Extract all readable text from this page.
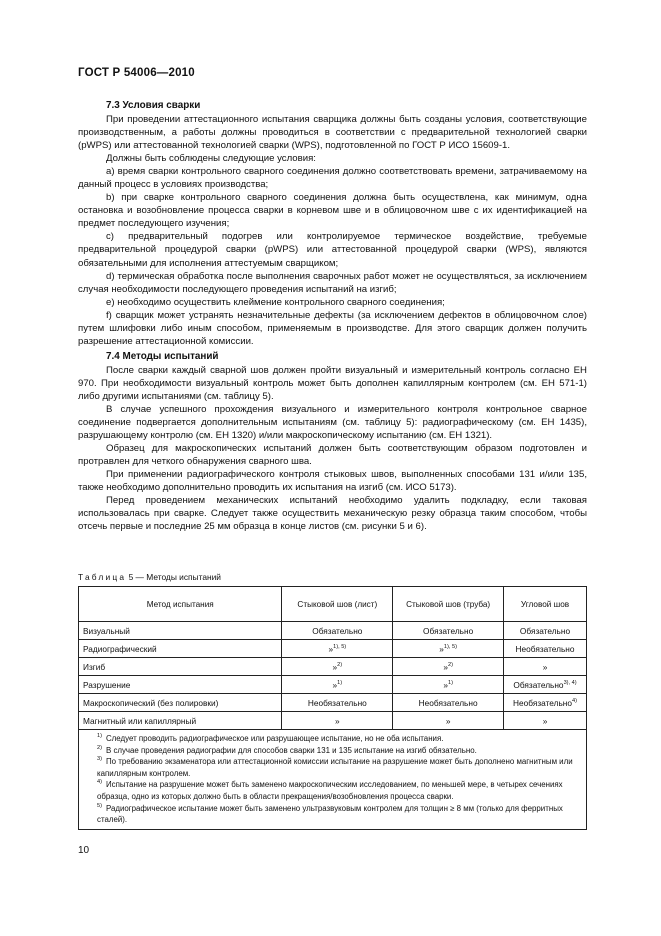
ГОСТ Р 54006—2010
7.3 Условия сварки

При проведении аттестационного испытания сварщика должны быть созданы условия, соответствующие производственным, а работы должны проводиться в соответствии с предварительной технологией сварки (pWPS) или аттестованной технологией сварки (WPS), подготовленной по ГОСТ Р ИСО 15609-1.

Должны быть соблюдены следующие условия:

а) время сварки контрольного сварного соединения должно соответствовать времени, затрачиваемому на данный процесс в условиях производства;

b) при сварке контрольного сварного соединения должна быть осуществлена, как минимум, одна остановка и возобновление процесса сварки в корневом шве и в облицовочном шве с их идентификацией на предмет последующего изучения;

с) предварительный подогрев или контролируемое термическое воздействие, требуемые предварительной процедурой сварки (pWPS) или аттестованной процедурой сварки (WPS), являются обязательными для исполнения аттестуемым сварщиком;

d) термическая обработка после выполнения сварочных работ может не осуществляться, за исключением случая необходимости последующего проведения испытаний на изгиб;

е) необходимо осуществить клеймение контрольного сварного соединения;

f) сварщик может устранять незначительные дефекты (за исключением дефектов в облицовочном слое) путем шлифовки либо иным способом, применяемым в производстве. Для этого сварщик должен получить разрешение аттестационной комиссии.

7.4 Методы испытаний

После сварки каждый сварной шов должен пройти визуальный и измерительный контроль согласно ЕН 970. При необходимости визуальный контроль может быть дополнен капиллярным контролем (см. ЕН 571-1) либо другими испытаниями (см. таблицу 5).

В случае успешного прохождения визуального и измерительного контроля контрольное сварное соединение подвергается дополнительным испытаниям (см. таблицу 5): радиографическому (см. ЕН 1435), разрушающему контролю (см. ЕН 1320) и/или макроскопическому испытанию (см. ЕН 1321).

Образец для макроскопических испытаний должен быть соответствующим образом подготовлен и протравлен для четкого обнаружения сварного шва.

При применении радиографического контроля стыковых швов, выполненных способами 131 и/или 135, также необходимо дополнительно проводить их испытания на изгиб (см. ИСО 5173).

Перед проведением механических испытаний необходимо удалить подкладку, если таковая использовалась при сварке. Следует также осуществить механическую резку образца таким способом, чтобы отсечь первые и последние 25 мм образца в конце листов (см. рисунки 5 и 6).

Таблица 5 — Методы испытаний
Метод испытания	Стыковой шов (лист)	Стыковой шов (труба)	Угловой шов
Визуальный	Обязательно	Обязательно	Обязательно
Радиографический	»$^{1), 5)}$	»$^{1), 5)}$	Необязательно
Изгиб	»$^{2)}$	»$^{2)}$	»
Разрушение	»$^{1)}$	»$^{1)}$	Обязательно$^{3), 4)}$
Макроскопический (без полировки)	Необязательно	Необязательно	Необязательно$^{4)}$
Магнитный или капиллярный	»	»	»

$^{1)}$ Следует проводить радиографическое или разрушающее испытание, но не оба испытания.
$^{2)}$ В случае проведения радиографии для способов сварки 131 и 135 испытание на изгиб обязательно.
$^{3)}$ По требованию экзаменатора или аттестационной комиссии испытание на разрушение может быть дополнено магнитным или капиллярным контролем.
$^{4)}$ Испытание на разрушение может быть заменено макроскопическим исследованием, по меньшей мере, в четырех сечениях образца, одно из которых должно быть в области прекращения/возобновления процесса сварки.
$^{5)}$ Радиографическое испытание может быть заменено ультразвуковым контролем для толщин ≥ 8 мм (только для ферритных сталей).			
10
